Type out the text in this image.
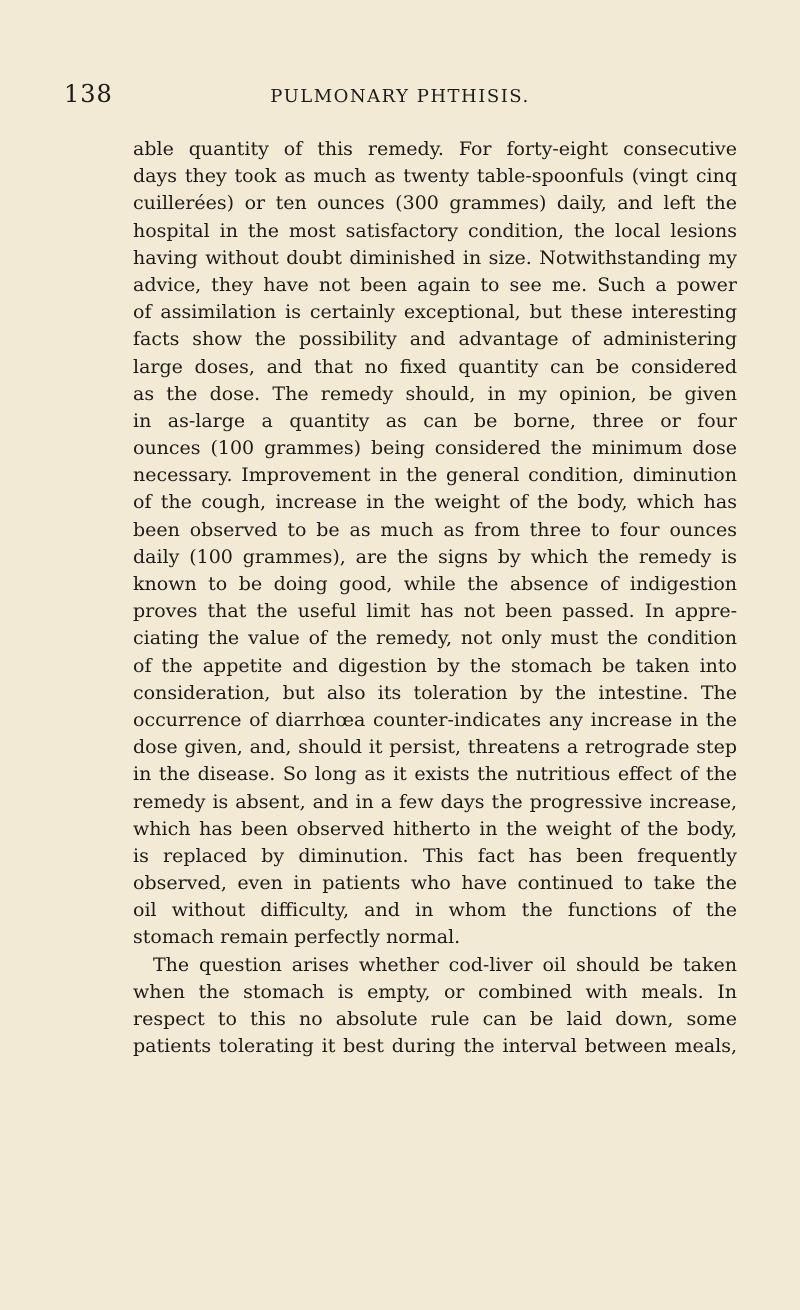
138	PULMONARY PHTHISIS.
able quantity of this remedy. For forty-eight consecutive
days they took as much as twenty table-spoonfuls (vingt cinq
cuillerées) or ten ounces (300 grammes) daily, and left the
hospital in the most satisfactory condition, the local lesions
having without doubt diminished in size. Notwithstanding my
advice, they have not been again to see me. Such a power
of assimilation is certainly exceptional, but these interesting
facts show the possibility and advantage of administering
large doses, and that no fixed quantity can be considered
as the dose. The remedy should, in my opinion, be given
in as-large a quantity as can be borne, three or four
ounces (100 grammes) being considered the minimum dose
necessary. Improvement in the general condition, diminution
of the cough, increase in the weight of the body, which has
been observed to be as much as from three to four ounces
daily (100 grammes), are the signs by which the remedy is
known to be doing good, while the absence of indigestion
proves that the useful limit has not been passed. In appre-
ciating the value of the remedy, not only must the condition
of the appetite and digestion by the stomach be taken into
consideration, but also its toleration by the intestine. The
occurrence of diarrhœa counter-indicates any increase in the
dose given, and, should it persist, threatens a retrograde step
in the disease. So long as it exists the nutritious effect of the
remedy is absent, and in a few days the progressive increase,
which has been observed hitherto in the weight of the body,
is replaced by diminution. This fact has been frequently
observed, even in patients who have continued to take the
oil without difficulty, and in whom the functions of the
stomach remain perfectly normal.
The question arises whether cod-liver oil should be taken
when the stomach is empty, or combined with meals. In
respect to this no absolute rule can be laid down, some
patients tolerating it best during the interval between meals,
